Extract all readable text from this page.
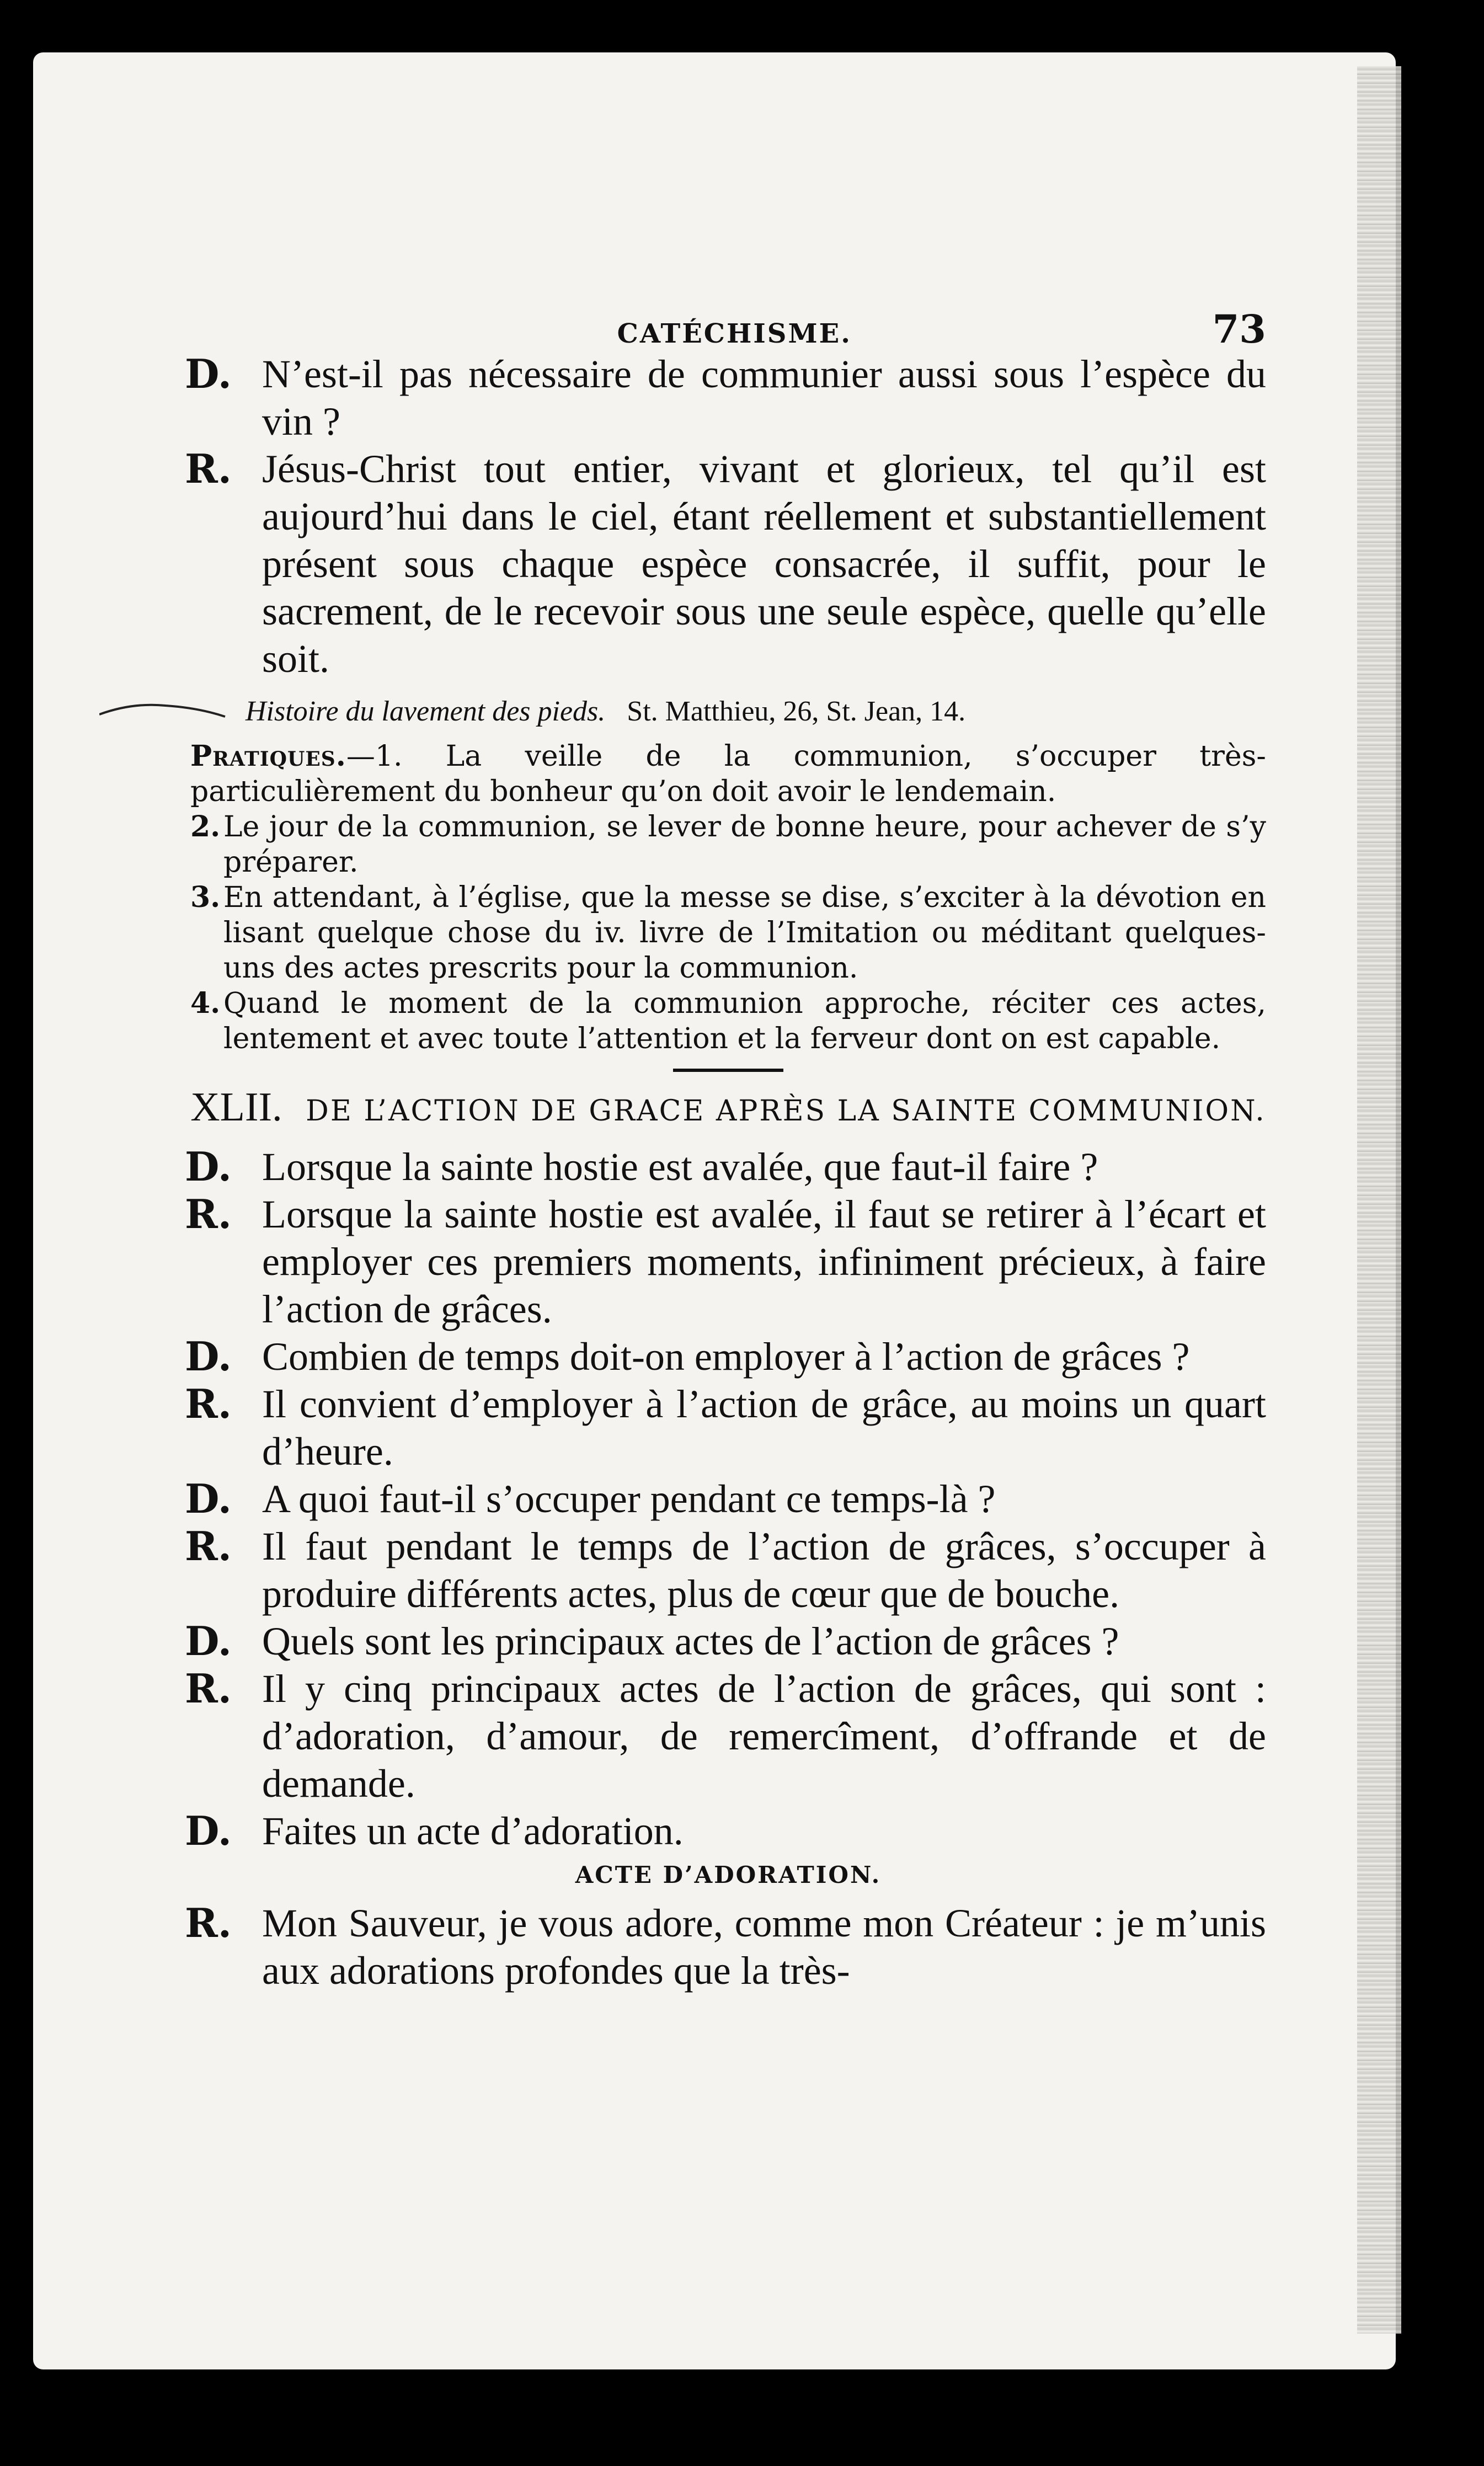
CATÉCHISME.	73
D. N’est-il pas nécessaire de communier aussi sous l’espèce du vin ?
R. Jésus-Christ tout entier, vivant et glorieux, tel qu’il est aujourd’hui dans le ciel, étant réellement et substantiellement présent sous chaque espèce consacrée, il suffit, pour le sacrement, de le recevoir sous une seule espèce, quelle qu’elle soit.
Histoire du lavement des pieds. St. Matthieu, 26, St. Jean, 14.
Pratiques.—1. La veille de la communion, s’occuper très-particulièrement du bonheur qu’on doit avoir le lendemain.
2. Le jour de la communion, se lever de bonne heure, pour achever de s’y préparer.
3. En attendant, à l’église, que la messe se dise, s’exciter à la dévotion en lisant quelque chose du iv. livre de l’Imitation ou méditant quelques-uns des actes prescrits pour la communion.
4. Quand le moment de la communion approche, réciter ces actes, lentement et avec toute l’attention et la ferveur dont on est capable.
XLII. DE L’ACTION DE GRACE APRÈS LA SAINTE COMMUNION.
D. Lorsque la sainte hostie est avalée, que faut-il faire ?
R. Lorsque la sainte hostie est avalée, il faut se retirer à l’écart et employer ces premiers moments, infiniment précieux, à faire l’action de grâces.
D. Combien de temps doit-on employer à l’action de grâces ?
R. Il convient d’employer à l’action de grâce, au moins un quart d’heure.
D. A quoi faut-il s’occuper pendant ce temps-là ?
R. Il faut pendant le temps de l’action de grâces, s’occuper à produire différents actes, plus de cœur que de bouche.
D. Quels sont les principaux actes de l’action de grâces ?
R. Il y cinq principaux actes de l’action de grâces, qui sont : d’adoration, d’amour, de remercîment, d’offrande et de demande.
D. Faites un acte d’adoration.
ACTE D’ADORATION.
R. Mon Sauveur, je vous adore, comme mon Créateur : je m’unis aux adorations profondes que la très-
